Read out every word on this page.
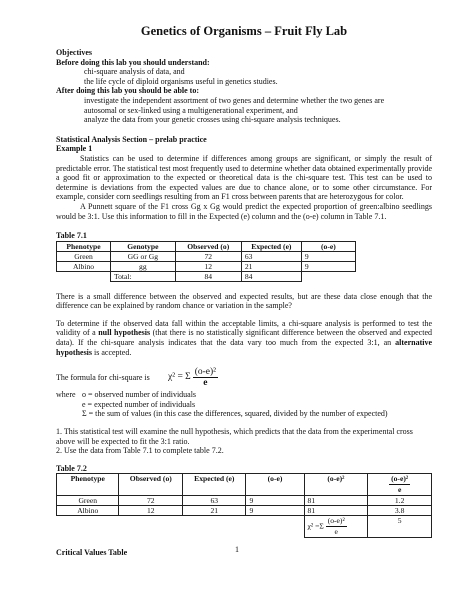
Genetics of Organisms – Fruit Fly Lab

Objectives

Before doing this lab you should understand:

chi-square analysis of data, and

the life cycle of diploid organisms useful in genetics studies.

After doing this lab you should be able to:

investigate the independent assortment of two genes and determine whether the two genes are

autosomal or sex-linked using a multigenerational experiment, and

analyze the data from your genetic crosses using chi-square analysis techniques.

Statistical Analysis Section – prelab practice

Example 1

Statistics can be used to determine if differences among groups are significant, or simply the result of predictable error. The statistical test most frequently used to determine whether data obtained experimentally provide a good fit or approximation to the expected or theoretical data is the chi-square test. This test can be used to determine is deviations from the expected values are due to chance alone, or to some other circumstance. For example, consider corn seedlings resulting from an F1 cross between parents that are heterozygous for color.

A Punnett square of the F1 cross Gg x Gg would predict the expected proportion of green:albino seedlings would be 3:1. Use this information to fill in the Expected (e) column and the (o-e) column in Table 7.1.

Table 7.1

Phenotype	Genotype	Observed (o)	Expected (e)	(o-e)
Green	GG or Gg	72	63	9
Albino	gg	12	21	9
	Total:	84	84	

There is a small difference between the observed and expected results, but are these data close enough that the difference can be explained by random chance or variation in the sample?

To determine if the observed data fall within the acceptable limits, a chi-square analysis is performed to test the validity of a null hypothesis (that there is no statistically significant difference between the observed and expected data). If the chi-square analysis indicates that the data vary too much from the expected 3:1, an alternative hypothesis is accepted.

The formula for chi-square is	χ² = Σ $\frac{\text{(o-e)²}}{e}$
where o = observed number of individuals
e = expected number of individuals
Σ = the sum of values (in this case the differences, squared, divided by the number of expected)

1. This statistical test will examine the null hypothesis, which predicts that the data from the experimental cross above will be expected to fit the 3:1 ratio.

2. Use the data from Table 7.1 to complete table 7.2.

Table 7.2

Phenotype	Observed (o)	Expected (e)	(o-e)	(o-e)²	$\frac{\text{(o-e)²}}{e}$

Green	72	63	9	81	1.2
Albino	12	21	9	81	3.8
				$\chi^2 =\Sigma \frac{\text{(o-e)²}}{e}$	5

Critical Values Table	1
